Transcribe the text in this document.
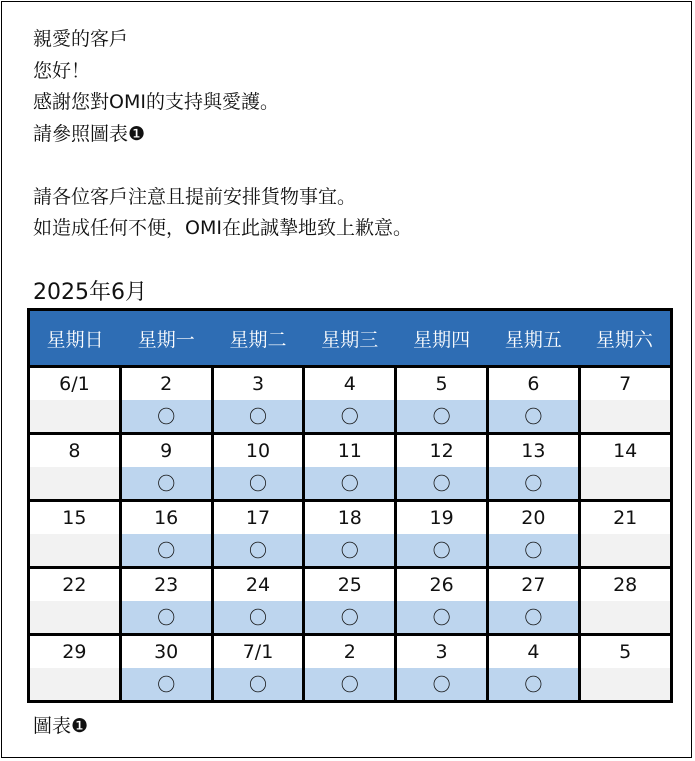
親愛的客戶

您好！

感謝您對OMI的支持與愛護。

請參照圖表❶

請各位客戶注意且提前安排貨物事宜。

如造成任何不便，OMI在此誠摯地致上歉意。

2025年6月
星期日	星期一	星期二	星期三	星期四	星期五	星期六
6/1	2	3	4	5	6	7
	〇	〇	〇	〇	〇	
8	9	10	11	12	13	14
	〇	〇	〇	〇	〇	
15	16	17	18	19	20	21
	〇	〇	〇	〇	〇	
22	23	24	25	26	27	28
	〇	〇	〇	〇	〇	
29	30	7/1	2	3	4	5
	〇	〇	〇	〇	〇	
圖表❶
